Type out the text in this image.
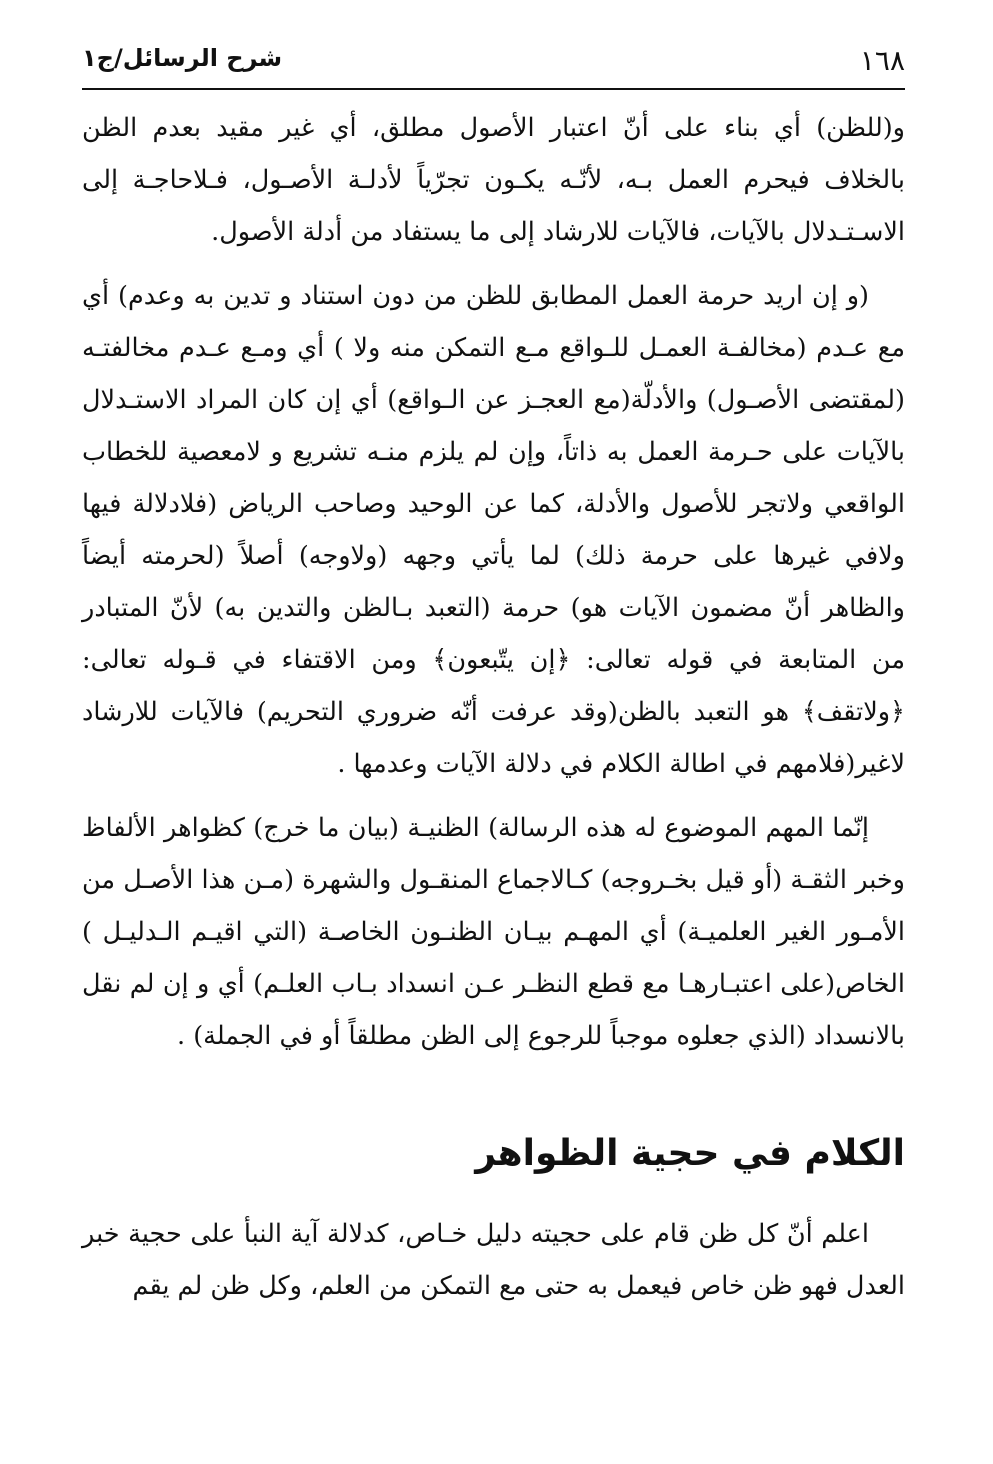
١٦٨
شرح الرسائل/ج١

و(للظن) أي بناء على أنّ اعتبار الأصول مطلق، أي غير مقيد بعدم الظن بالخلاف فيحرم العمل بـه، لأنّـه يكـون تجرّياً لأدلـة الأصـول، فـلاحاجـة إلى الاسـتـدلال بالآيات، فالآيات للارشاد إلى ما يستفاد من أدلة الأصول.

(و إن اريد حرمة العمل المطابق للظن من دون استناد و تدين به وعدم) أي مع عـدم (مخالفـة العمـل للـواقع مـع التمكن منه ولا ) أي ومـع عـدم مخالفتـه (لمقتضى الأصـول) والأدلّة(مع العجـز عن الـواقع) أي إن كان المراد الاستـدلال بالآيات على حـرمة العمل به ذاتاً، وإن لم يلزم منـه تشريع و لامعصية للخطاب الواقعي ولاتجر للأصول والأدلة، كما عن الوحيد وصاحب الرياض (فلادلالة فيها ولافي غيرها على حرمة ذلك) لما يأتي وجهه (ولاوجه) أصلاً (لحرمته أيضاً والظاهر أنّ مضمون الآيات هو) حرمة (التعبد بـالظن والتدين به) لأنّ المتبادر من المتابعة في قوله تعالى: ﴿إن يتّبعون﴾ ومن الاقتفاء في قـوله تعالى: ﴿ولاتقف﴾ هو التعبد بالظن(وقد عرفت أنّه ضروري التحريم) فالآيات للارشاد لاغير(فلامهم في اطالة الكلام في دلالة الآيات وعدمها .

إنّما المهم الموضوع له هذه الرسالة) الظنيـة (بيان ما خرج) كظواهر الألفاظ وخبر الثقـة (أو قيل بخـروجه) كـالاجماع المنقـول والشهرة (مـن هذا الأصـل من الأمـور الغير العلميـة) أي المهـم بيـان الظنـون الخاصـة (التي اقيـم الـدليـل ) الخاص(على اعتبـارهـا مع قطع النظـر عـن انسداد بـاب العلـم) أي و إن لم نقل بالانسداد (الذي جعلوه موجباً للرجوع إلى الظن مطلقاً أو في الجملة) .

الكلام في حجية الظواهر

اعلم أنّ كل ظن قام على حجيته دليل خـاص، كدلالة آية النبأ على حجية خبر العدل فهو ظن خاص فيعمل به حتى مع التمكن من العلم، وكل ظن لم يقم
